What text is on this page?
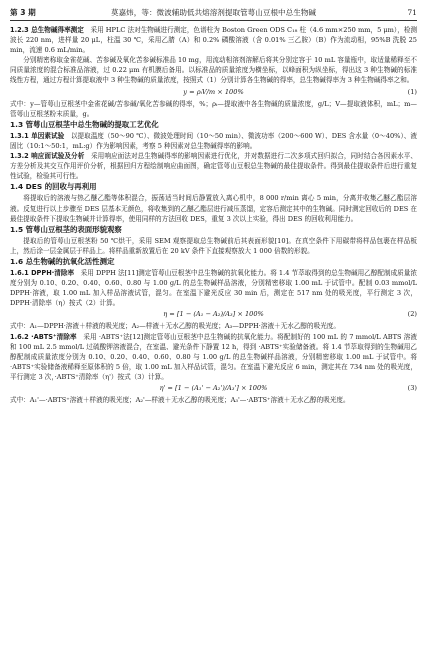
第 3 期	莫嘉炜，等：微波辅助低共熔溶剂提取管萼山豆根中总生物碱	71

1.2.3 总生物碱得率测定　 采用 HPLC 法对生物碱进行测定，色谱柱为 Boston Green ODS C₁₈ 柱（4.6 mm×250 mm，5 μm），检测波长 220 nm，进样量 20 μL，柱温 30 ℃，采用乙腈（A）和 0.2% 磷酸溶液（含 0.01% 三乙胺）（B）作为流动相，95%B 洗脱 25 min，流速 0.6 mL/min。

分别精密称取金雀花碱、苦参碱及氧化苦参碱标准品 10 mg，用流动相溶剂溶解后将其分别定容于 10 mL 容量瓶中，取适量稀释至不同质量浓度的混合标准品溶液，过 0.22 μm 有机膜后备用。以标准品的质量浓度为横坐标，以峰面积为纵坐标，得出这 3 种生物碱的标准线性方程，通过方程计算提取液中 3 种生物碱的质量浓度，按照式（1）分别计算各生物碱的得率，总生物碱得率为 3 种生物碱得率之和。

y = ρᵢV/m × 100%	(1)

式中：y—管萼山豆根茎中金雀花碱/苦参碱/氧化苦参碱的得率，%；ρᵢ—提取液中各生物碱的质量浓度，g/L；V—提取液体积，mL；m—管萼山豆根茎粉末质量，g。

1.3 管萼山豆根茎中总生物碱的提取工艺优化

1.3.1 单因素试验　 以提取温度（50～90 ℃）、微波处理时间（10～50 min）、微波功率（200～600 W）、DES 含水量（0～40%）、液固比（10:1～50:1，mL:g）作为影响因素，考察 5 种因素对总生物碱得率的影响。

1.3.2 响应面试验及分析　 采用响应面法对总生物碱得率的影响因素进行优化，并对数据进行二次多项式回归拟合，同时结合各因素水平、方差分析及其交互作用评价分析，根据回归方程绘制响应曲面图，确定管萼山豆根总生物碱的最佳提取条件。得到最佳提取条件后进行重复性试验，检验其可行性。

1.4 DES 的回收与再利用

将提取后的溶液与热乙醚乙酯等体积混合，振荡适当时间后静置放入离心机中，8 000 r/min 离心 5 min，分离并收集乙醚乙酯层溶液。反复进行以上步骤至 DES 层基本无颜色，将收集到的乙醚乙酯层进行减压蒸馏，定容后测定其中的生物碱。同时测定回收后的 DES 在最佳提取条件下提取生物碱并计算得率，使用同样的方法回收 DES，重复 3 次以上实验，得出 DES 的回收利用能力。

1.5 管萼山豆根茎的表面形貌观察

提取后的管萼山豆根茎粉 50 ℃烘干，采用 SEM 观察提取总生物碱前后其表面形貌[10]。在真空条件下用碳带将样品包裹在样品板上，然后涂一层金属层于样品上。将样品重新放置后在 20 kV 条件下直接观察放大 1 000 倍数的形貌。

1.6 总生物碱的抗氧化活性测定

1.6.1 DPPH·清除率　 采用 DPPH 法[11]测定管萼山豆根茎中总生物碱的抗氧化能力。将 1.4 节萃取得到的总生物碱用乙醇配制成质量浓度分别为 0.10、0.20、0.40、0.60、0.80 与 1.00 g/L 的总生物碱样品溶液，分别精密移取 1.00 mL 于试管中。配制 0.03 mmol/L DPPH·溶液，取 1.00 mL 加入样品溶液试管，混匀。在室温下避光反应 30 min 后，测定在 517 nm 处的吸光度，平行测定 3 次，DPPH·清除率（η）按式（2）计算。

η = [1 − (A₁ − A₂)/A₃] × 100%	(2)

式中：A₁—DPPH·溶液＋样液的吸光度；A₂—样液＋无水乙醇的吸光度；A₃—DPPH·溶液＋无水乙醇的吸光度。

1.6.2 ·ABTS⁺清除率　 采用 ·ABTS⁺法[12]测定管萼山豆根茎中总生物碱的抗氧化能力。将配制好的 100 mL 的 7 mmol/L ABTS 溶液和 100 mL 2.5 mmol/L 过硫酸钾溶液混合，在室温、避光条件下静置 12 h，得到 ·ABTS⁺实验储备液。将 1.4 节萃取得到的生物碱用乙醇配制成质量浓度分别为 0.10、0.20、0.40、0.60、0.80 与 1.00 g/L 的总生物碱样品溶液，分别精密移取 1.00 mL 于试管中。将 ·ABTS⁺实验储备液稀释至原体积的 5 倍，取 1.00 mL 加入样品试管，混匀。在室温下避光反应 6 min，测定其在 734 nm 处的吸光度，平行测定 3 次，·ABTS⁺清除率（η'）按式（3）计算。

η' = [1 − (A₁' − A₂')/A₃'] × 100%	(3)

式中：A₁'—·ABTS⁺溶液＋样液的吸光度；A₂'—样液＋无水乙醇的吸光度；A₃'—·ABTS⁺溶液＋无水乙醇的吸光度。
